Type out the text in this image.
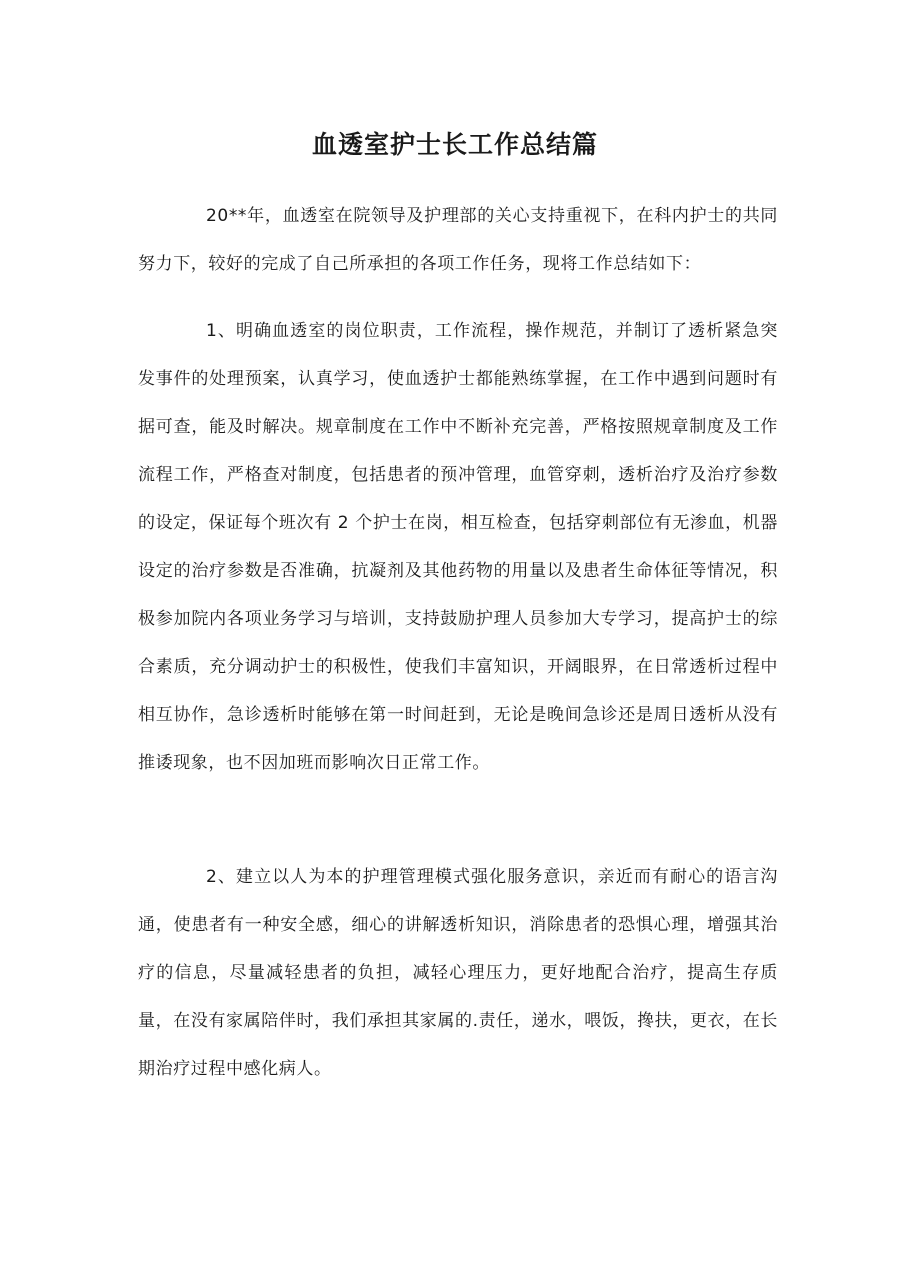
血透室护士长工作总结篇

20**年，血透室在院领导及护理部的关心支持重视下，在科内护士的共同努力下，较好的完成了自己所承担的各项工作任务，现将工作总结如下：

1、明确血透室的岗位职责，工作流程，操作规范，并制订了透析紧急突发事件的处理预案，认真学习，使血透护士都能熟练掌握，在工作中遇到问题时有据可查，能及时解决。规章制度在工作中不断补充完善，严格按照规章制度及工作流程工作，严格查对制度，包括患者的预冲管理，血管穿刺，透析治疗及治疗参数的设定，保证每个班次有 2 个护士在岗，相互检查，包括穿刺部位有无渗血，机器设定的治疗参数是否准确，抗凝剂及其他药物的用量以及患者生命体征等情况，积极参加院内各项业务学习与培训，支持鼓励护理人员参加大专学习，提高护士的综合素质，充分调动护士的积极性，使我们丰富知识，开阔眼界，在日常透析过程中相互协作，急诊透析时能够在第一时间赶到，无论是晚间急诊还是周日透析从没有推诿现象，也不因加班而影响次日正常工作。

2、建立以人为本的护理管理模式强化服务意识，亲近而有耐心的语言沟通，使患者有一种安全感，细心的讲解透析知识，消除患者的恐惧心理，增强其治疗的信息，尽量减轻患者的负担，减轻心理压力，更好地配合治疗，提高生存质量，在没有家属陪伴时，我们承担其家属的.责任，递水，喂饭，搀扶，更衣，在长期治疗过程中感化病人。
